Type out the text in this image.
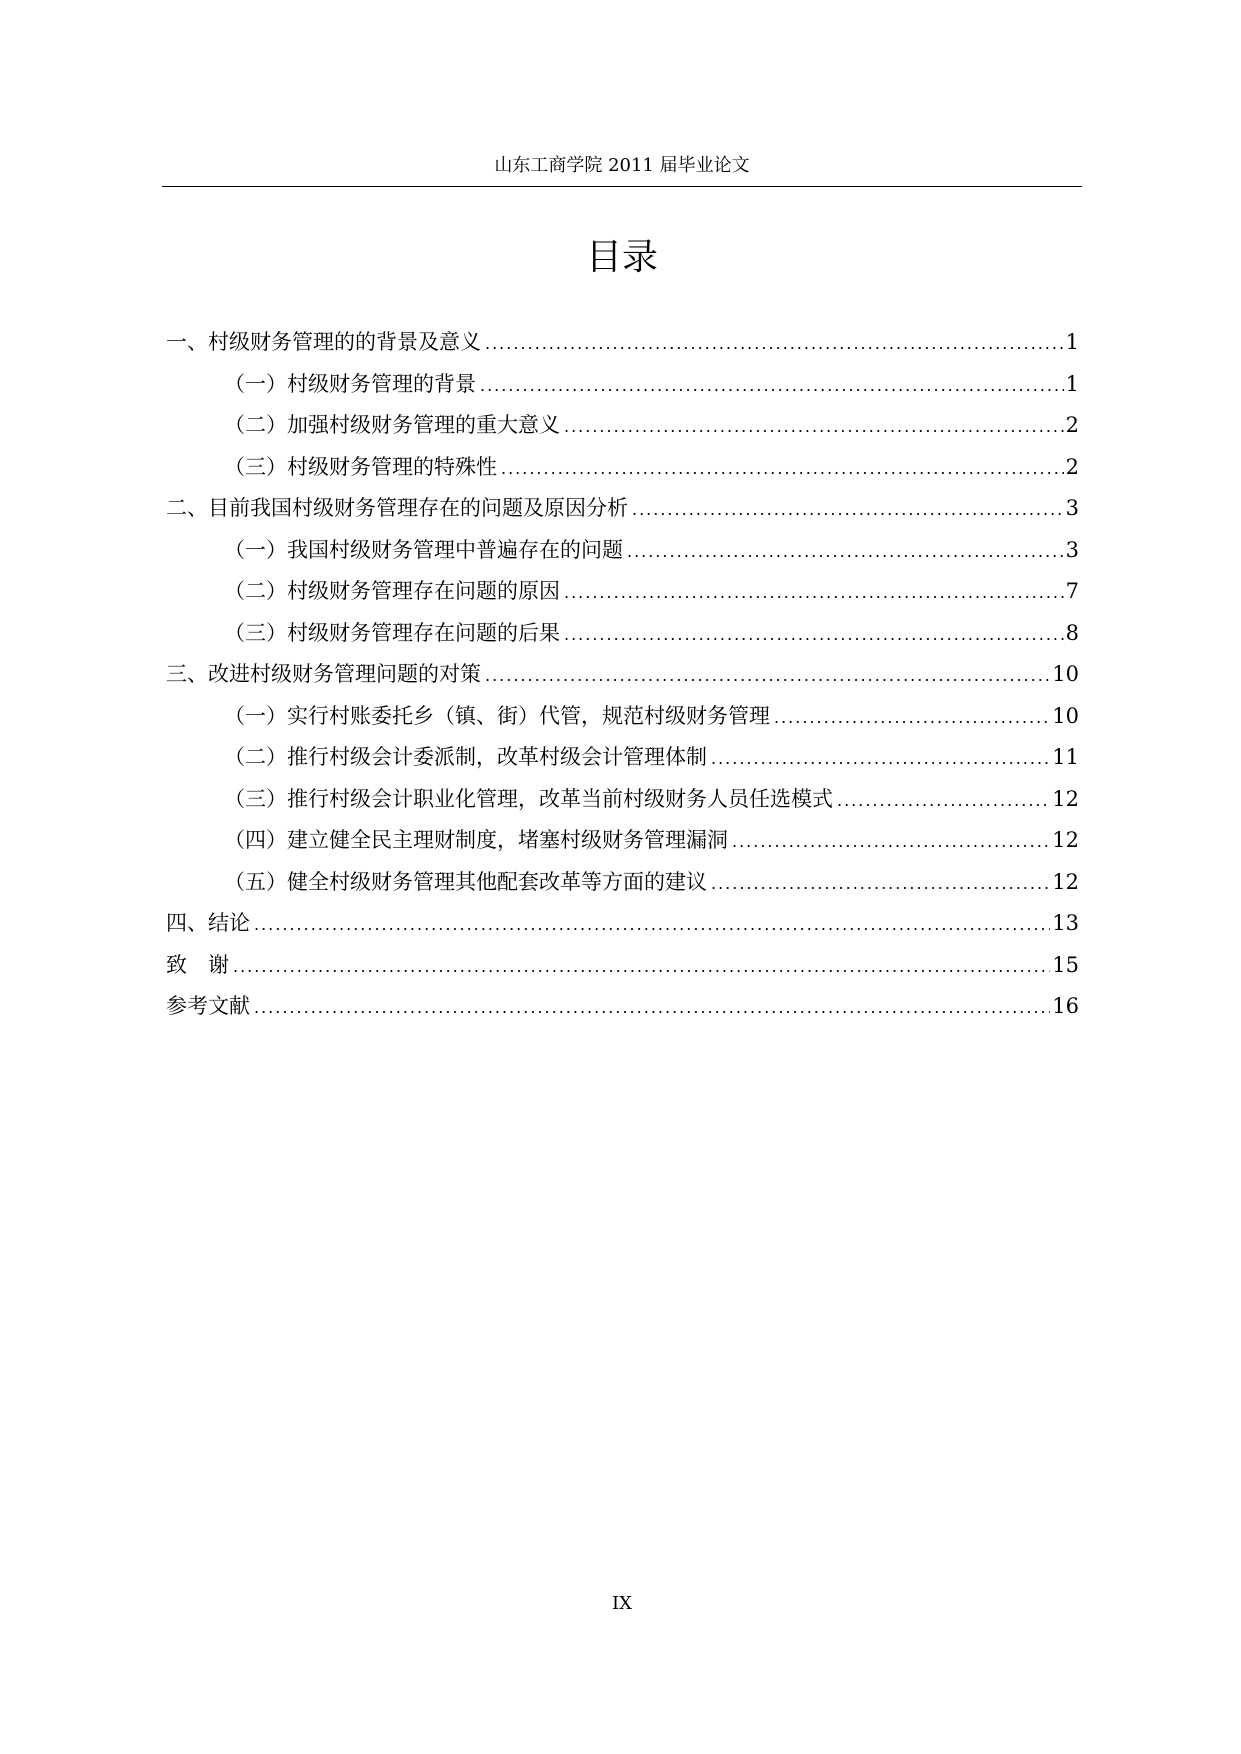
山东工商学院 2011 届毕业论文
目录
一、村级财务管理的的背景及意义 .....	1
（一）村级财务管理的背景 .....	1
（二）加强村级财务管理的重大意义 .....	2
（三）村级财务管理的特殊性 .....	2
二、目前我国村级财务管理存在的问题及原因分析 .....	3
（一）我国村级财务管理中普遍存在的问题 .....	3
（二）村级财务管理存在问题的原因 .....	7
（三）村级财务管理存在问题的后果 .....	8
三、改进村级财务管理问题的对策 .....	10
（一）实行村账委托乡（镇、街）代管，规范村级财务管理 .....	10
（二）推行村级会计委派制，改革村级会计管理体制 .....	11
（三）推行村级会计职业化管理，改革当前村级财务人员任选模式 .....	12
（四）建立健全民主理财制度，堵塞村级财务管理漏洞 .....	12
（五）健全村级财务管理其他配套改革等方面的建议 .....	12
四、结论 .....	13
致　谢 .....	15
参考文献 .....	16
IX
